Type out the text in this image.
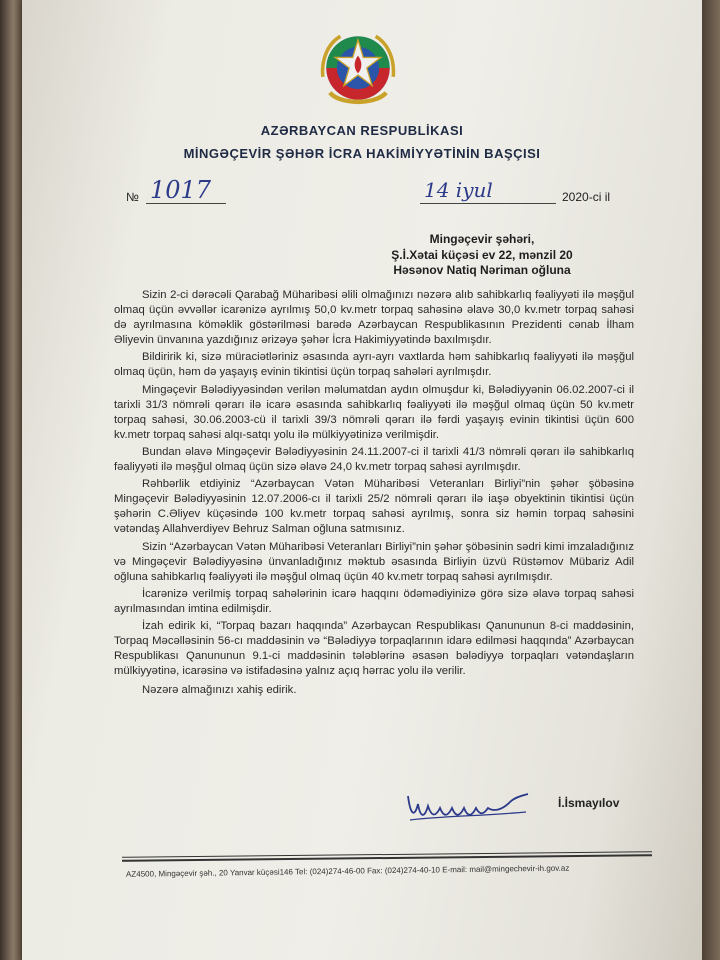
AZƏRBAYCAN RESPUBLİKASI
MİNGƏÇEVİR ŞƏHƏR İCRA HAKİMİYYƏTİNİN BAŞÇISI
№ 1017	14 iyul	2020-ci il
Mingəçevir şəhəri,
Ş.İ.Xətai küçəsi ev 22, mənzil 20
Həsənov Natiq Nəriman oğluna

Sizin 2-ci dərəcəli Qarabağ Müharibəsi əlili olmağınızı nəzərə alıb sahibkarlıq fəaliyyəti ilə məşğul olmaq üçün əvvəllər icarənizə ayrılmış 50,0 kv.metr torpaq sahəsinə əlavə 30,0 kv.metr torpaq sahəsi də ayrılmasına köməklik göstərilməsi barədə Azərbaycan Respublikasının Prezidenti cənab İlham Əliyevin ünvanına yazdığınız ərizəyə şəhər İcra Hakimiyyətində baxılmışdır.

Bildiririk ki, sizə müraciətləriniz əsasında ayrı-ayrı vaxtlarda həm sahibkarlıq fəaliyyəti ilə məşğul olmaq üçün, həm də yaşayış evinin tikintisi üçün torpaq sahələri ayrılmışdır.

Mingəçevir Bələdiyyəsindən verilən məlumatdan aydın olmuşdur ki, Bələdiyyənin 06.02.2007-ci il tarixli 31/3 nömrəli qərarı ilə icarə əsasında sahibkarlıq fəaliyyəti ilə məşğul olmaq üçün 50 kv.metr torpaq sahəsi, 30.06.2003-cü il tarixli 39/3 nömrəli qərarı ilə fərdi yaşayış evinin tikintisi üçün 600 kv.metr torpaq sahəsi alqı-satqı yolu ilə mülkiyyətinizə verilmişdir.

Bundan əlavə Mingəçevir Bələdiyyəsinin 24.11.2007-ci il tarixli 41/3 nömrəli qərarı ilə sahibkarlıq fəaliyyəti ilə məşğul olmaq üçün sizə əlavə 24,0 kv.metr torpaq sahəsi ayrılmışdır.

Rəhbərlik etdiyiniz “Azərbaycan Vətən Müharibəsi Veteranları Birliyi”nin şəhər şöbəsinə Mingəçevir Bələdiyyəsinin 12.07.2006-cı il tarixli 25/2 nömrəli qərarı ilə iaşə obyektinin tikintisi üçün şəhərin C.Əliyev küçəsində 100 kv.metr torpaq sahəsi ayrılmış, sonra siz həmin torpaq sahəsini vətəndaş Allahverdiyev Behruz Salman oğluna satmısınız.

Sizin “Azərbaycan Vətən Müharibəsi Veteranları Birliyi”nin şəhər şöbəsinin sədri kimi imzaladığınız və Mingəçevir Bələdiyyəsinə ünvanladığınız məktub əsasında Birliyin üzvü Rüstəmov Mübariz Adil oğluna sahibkarlıq fəaliyyəti ilə məşğul olmaq üçün 40 kv.metr torpaq sahəsi ayrılmışdır.

İcarənizə verilmiş torpaq sahələrinin icarə haqqını ödəmədiyinizə görə sizə əlavə torpaq sahəsi ayrılmasından imtina edilmişdir.

İzah edirik ki, “Torpaq bazarı haqqında” Azərbaycan Respublikası Qanununun 8-ci maddəsinin, Torpaq Məcəlləsinin 56-cı maddəsinin və “Bələdiyyə torpaqlarının idarə edilməsi haqqında” Azərbaycan Respublikası Qanununun 9.1-ci maddəsinin tələblərinə əsasən bələdiyyə torpaqları vətəndaşların mülkiyyətinə, icarəsinə və istifadəsinə yalnız açıq hərrac yolu ilə verilir.

Nəzərə almağınızı xahiş edirik.

İ.İsmayılov
AZ4500, Mingəçevir şəh., 20 Yanvar küçəsi146 Tel: (024)274-46-00 Fax: (024)274-40-10 E-mail: mail@mingechevir-ih.gov.az
